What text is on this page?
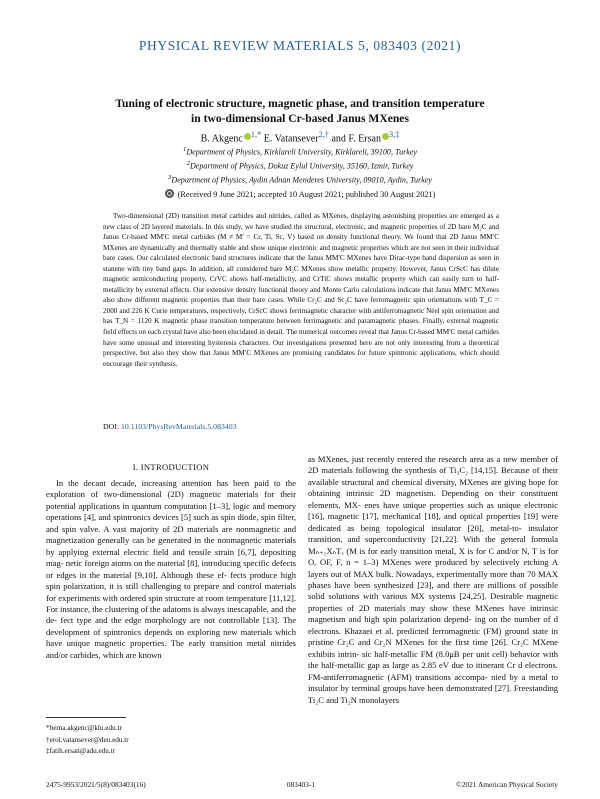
PHYSICAL REVIEW MATERIALS 5, 083403 (2021)
Tuning of electronic structure, magnetic phase, and transition temperature
in two-dimensional Cr-based Janus MXenes
B. Akgenc $^{1,*}$ E. Vatansever$^{2,\dagger}$ and F. Ersan $^{3,\ddagger}$
$^1$Department of Physics, Kirklareli University, Kirklareli, 39100, Turkey
$^2$Department of Physics, Dokuz Eylul University, 35160, Izmir, Turkey
$^3$Department of Physics, Aydin Adnan Menderes University, 09010, Aydin, Turkey
(Received 9 June 2021; accepted 10 August 2021; published 30 August 2021)
Two-dimensional (2D) transition metal carbides and nitrides, called as MXenes, displaying astonishing properties are emerged as a new class of 2D layered materials. In this study, we have studied the structural, electronic, and magnetic properties of 2D bare M₂C and Janus Cr-based MM′C metal carbides (M ≠ M′ = Cr, Ti, Sc, V) based on density functional theory. We found that 2D Janus MM′C MXenes are dynamically and thermally stable and show unique electronic and magnetic properties which are not seen in their individual bare cases. Our calculated electronic band structures indicate that the Janus MM′C MXenes have Dirac-type band dispersion as seen in stanene with tiny band gaps. In addition, all considered bare M₂C MXenes show metallic property. However, Janus CrScC has dilute magnetic semiconducting property, CrVC shows half-metallicity, and CrTiC shows metallic property which can easily turn to half-metallicity by external effects. Our extensive density functional theory and Monte Carlo calculations indicate that Janus MM′C MXenes also show different magnetic properties than their bare cases. While Cr₂C and Sc₂C have ferromagnetic spin orientations with T_C = 2000 and 226 K Curie temperatures, respectively, CrScC shows ferrimagnetic character with antiferromagnetic Néel spin orientation and has T_N = 1120 K magnetic phase transition temperature between ferrimagnetic and paramagnetic phases. Finally, external magnetic field effects on each crystal have also been elucidated in detail. The numerical outcomes reveal that Janus Cr-based MM′C metal carbides have some unusual and interesting hysteresis characters. Our investigations presented here are not only interesting from a theoretical perspective, but also they show that Janus MM′C MXenes are promising candidates for future spintronic applications, which should encourage their synthesis.
DOI: 10.1103/PhysRevMaterials.5.083403
I. INTRODUCTION

In the decant decade, increasing attention has been paid to the exploration of two-dimensional (2D) magnetic materials for their potential applications in quantum computation [1–3], logic and memory operations [4], and spintronics devices [5] such as spin diode, spin filter, and spin valve. A vast majority of 2D materials are nonmagnetic and magnetization generally can be generated in the nonmagnetic materials by applying external electric field and tensile strain [6,7], depositing mag- netic foreign atoms on the material [8], introducing specific defects or edges in the material [9,10]. Although these ef- fects produce high spin polarization, it is still challenging to prepare and control materials for experiments with ordered spin structure at room temperature [11,12]. For instance, the clustering of the adatoms is always inescapable, and the de- fect type and the edge morphology are not controllable [13]. The development of spintronics depends on exploring new materials which have unique magnetic properties. The early transition metal nitrides and/or carbides, which are known

as MXenes, just recently entered the research area as a new member of 2D materials following the synthesis of Ti₃C₂ [14,15]. Because of their available structural and chemical diversity, MXenes are giving hope for obtaining intrinsic 2D magnetism. Depending on their constituent elements, MX- enes have unique properties such as unique electronic [16], magnetic [17], mechanical [18], and optical properties [19] were dedicated as being topological insulator [20], metal-to- insulator transition, and superconductivity [21,22]. With the general formula Mₙ₊₁XₙTₓ (M is for early transition metal, X is for C and/or N, T is for O, OF, F, n = 1–3) MXenes were produced by selectively etching A layers out of MAX bulk. Nowadays, experimentally more than 70 MAX phases have been synthesized [23], and there are millions of possible solid solutions with various MX systems [24,25]. Desirable magnetic properties of 2D materials may show these MXenes have intrinsic magnetism and high spin polarization depend- ing on the number of d electrons. Khazaei et al. predicted ferromagnetic (FM) ground state in pristine Cr₂C and Cr₂N MXenes for the first time [26]. Cr₂C MXene exhibits intrin- sic half-metallic FM (8.0μB per unit cell) behavior with the half-metallic gap as large as 2.85 eV due to itinerant Cr d electrons. FM-antiferromagnetic (AFM) transitions accompa- nied by a metal to insulator by terminal groups have been demonstrated [27]. Freestanding Ti₂C and Ti₂N monolayers

*berna.akgenc@klu.edu.tr
†erol.vatansever@deu.edu.tr
‡fatih.ersan@adu.edu.tr
2475-9953/2021/5(8)/083403(16)	083403-1	©2021 American Physical Society
